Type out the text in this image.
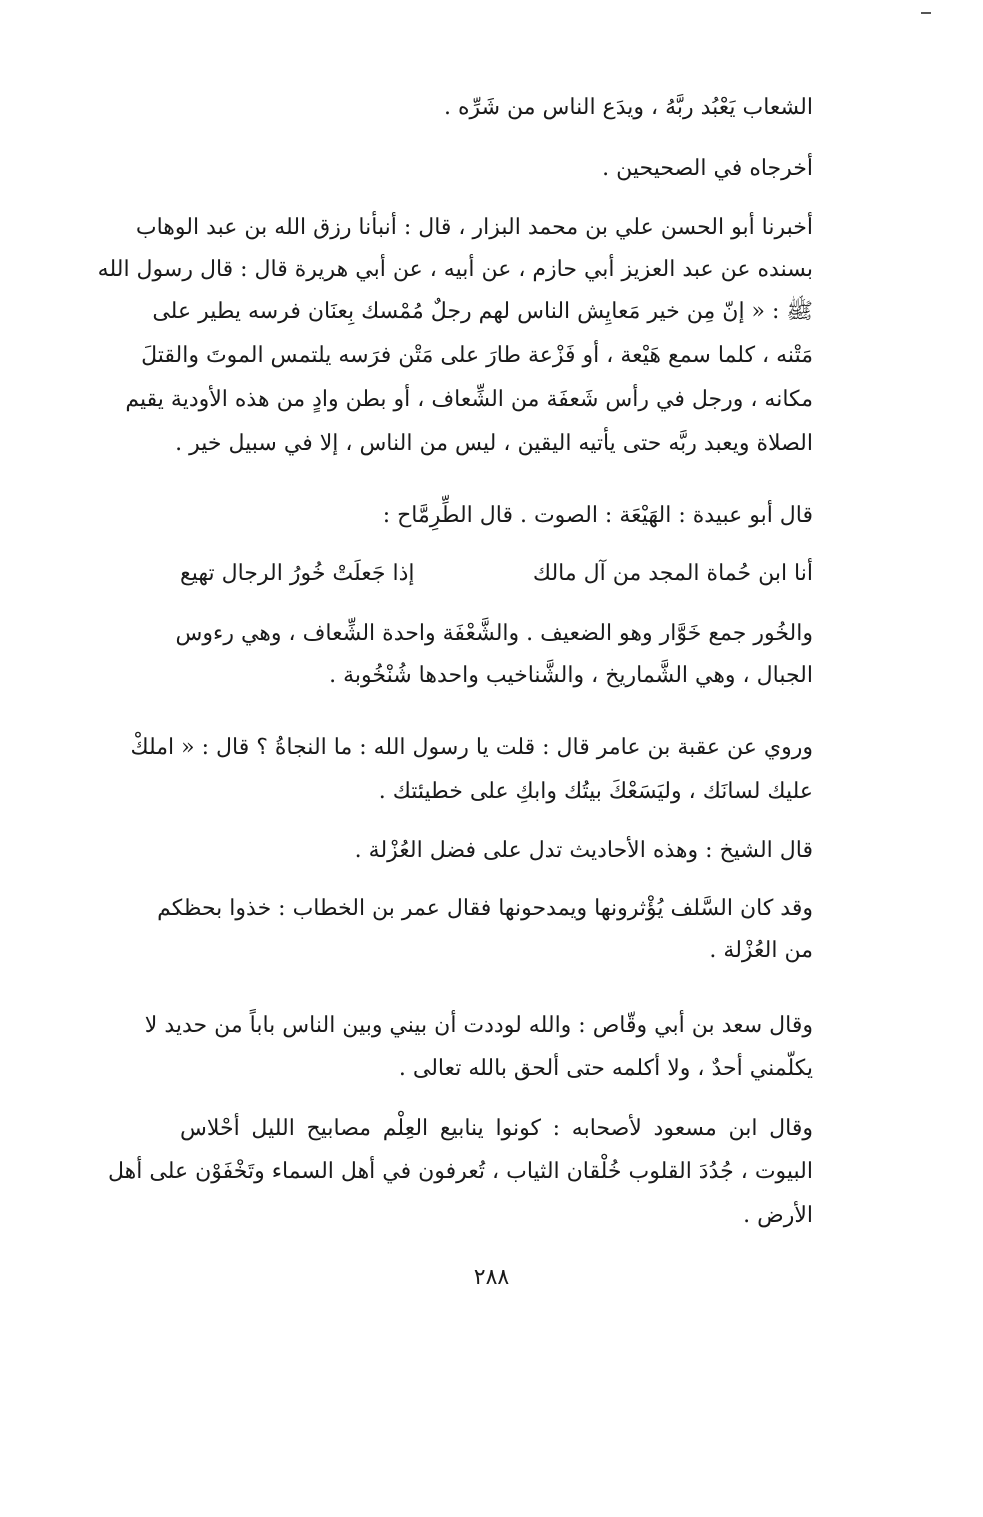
الشعاب يَعْبُد ربَّهُ ، ويدَع الناس من شَرِّه .
أخرجاه في الصحيحين .
أخبرنا أبو الحسن علي بن محمد البزار ، قال : أنبأنا رزق الله بن عبد الوهاب
بسنده عن عبد العزيز أبي حازم ، عن أبيه ، عن أبي هريرة قال : قال رسول الله
ﷺ : « إنّ مِن خير مَعايِش الناس لهم رجلٌ مُمْسك بِعنَان فرسه يطير على
مَتْنه ، كلما سمع هَيْعة ، أو فَزْعة طارَ على مَتْن فرَسه يلتمس الموتَ والقتلَ
مكانه ، ورجل في رأس شَعفَة من الشِّعاف ، أو بطن وادٍ من هذه الأودية يقيم
الصلاة ويعبد ربَّه حتى يأتيه اليقين ، ليس من الناس ، إلا في سبيل خير .
قال أبو عبيدة : الهَيْعَة : الصوت . قال الطِّرِمَّاح :
أنا ابن حُماة المجد من آل مالك
إذا جَعلَتْ خُورُ الرجال تهيع
والخُور جمع خَوَّار وهو الضعيف . والشَّعْفَة واحدة الشِّعاف ، وهي رءوس
الجبال ، وهي الشَّماريخ ، والشَّناخيب واحدها شُنْخُوبة .
وروي عن عقبة بن عامر قال : قلت يا رسول الله : ما النجاةُ ؟ قال : « املكْ
عليك لسانَك ، وليَسَعْكَ بيتُك وابكِ على خطيئتك .
قال الشيخ : وهذه الأحاديث تدل على فضل العُزْلة .
وقد كان السَّلف يُؤْثرونها ويمدحونها فقال عمر بن الخطاب : خذوا بحظكم
من العُزْلة .
وقال سعد بن أبي وقّاص : والله لوددت أن بيني وبين الناس باباً من حديد لا
يكلّمني أحدٌ ، ولا أكلمه حتى ألحق بالله تعالى .
وقال ابن مسعود لأصحابه : كونوا ينابيع العِلْم مصابيح الليل أحْلاس
البيوت ، جُدُدَ القلوب خُلْقان الثياب ، تُعرفون في أهل السماء وتَخْفَوْن على أهل
الأرض .
٢٨٨
